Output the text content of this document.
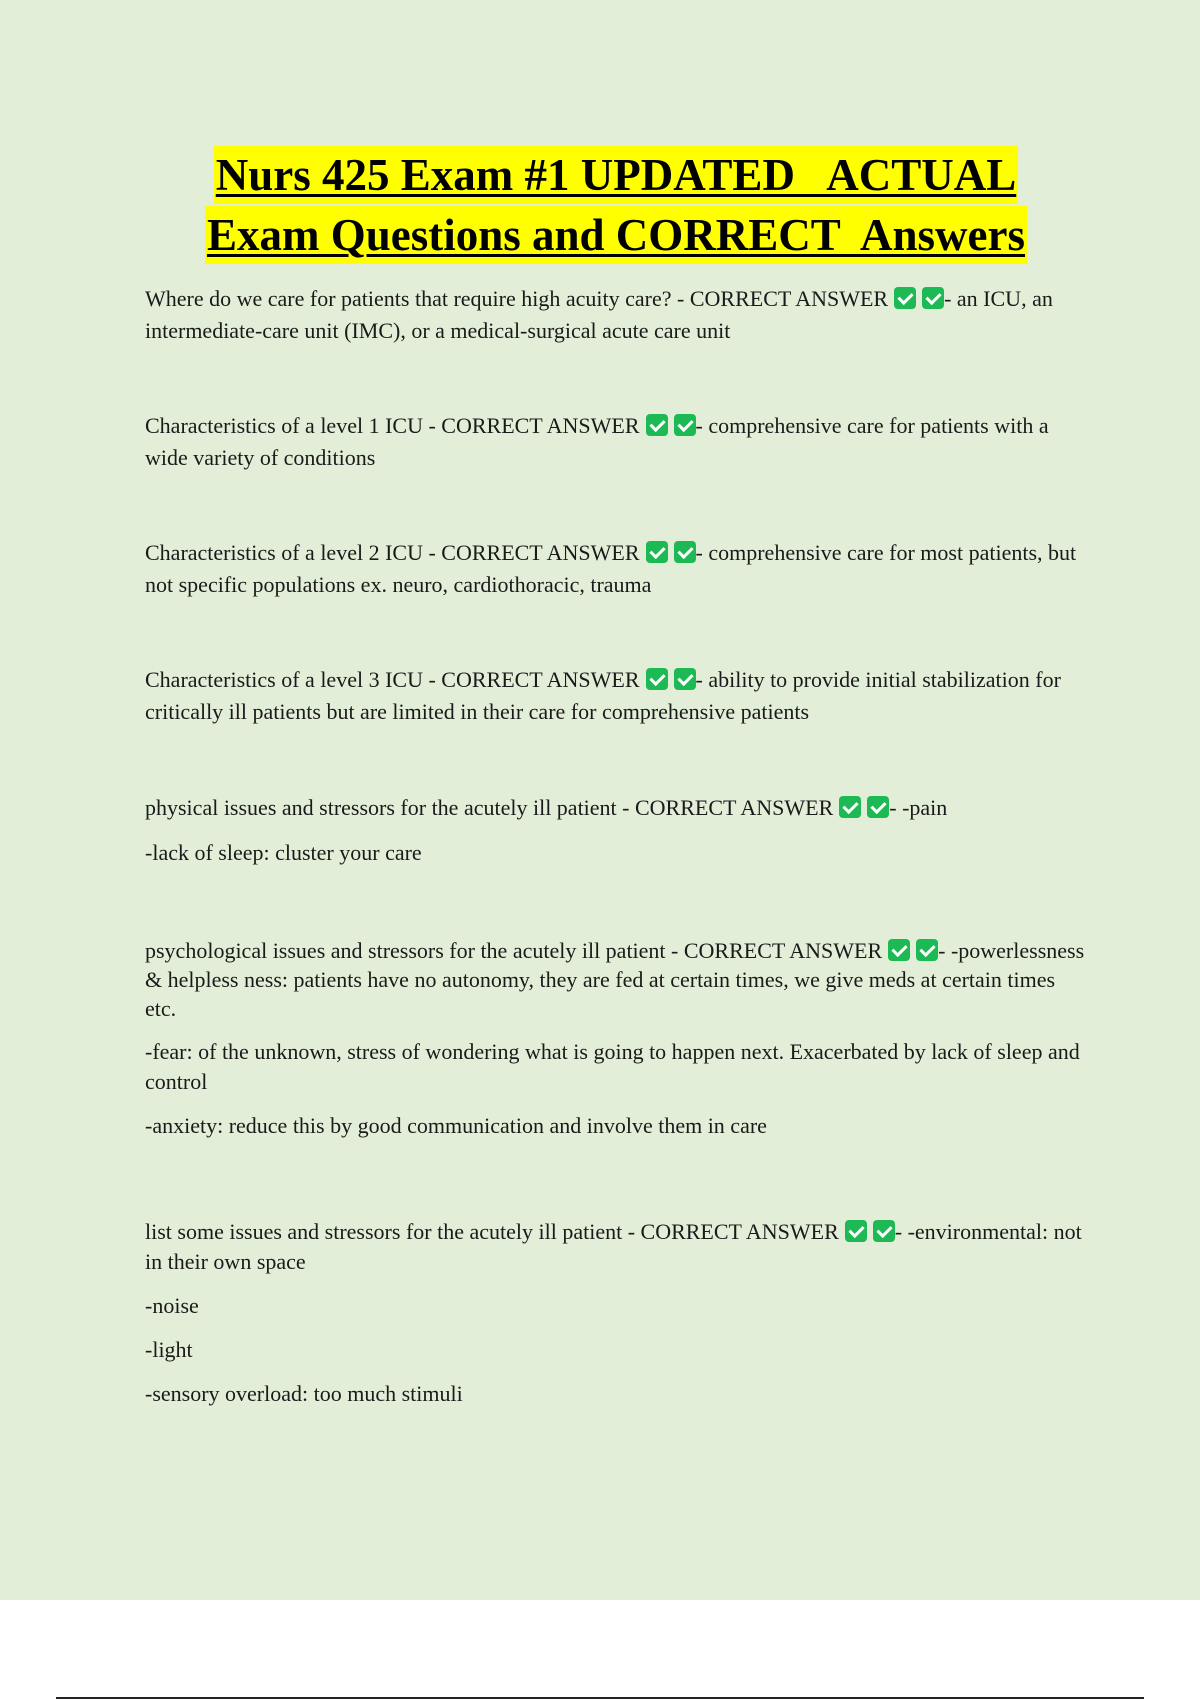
Nurs 425 Exam #1 UPDATED   ACTUAL
Exam Questions and CORRECT  Answers

Where do we care for patients that require high acuity care? - CORRECT ANSWER	- an ICU, an intermediate-care unit (IMC), or a medical-surgical acute care unit

Characteristics of a level 1 ICU - CORRECT ANSWER	- comprehensive care for patients with a wide variety of conditions

Characteristics of a level 2 ICU - CORRECT ANSWER	- comprehensive care for most patients, but not specific populations ex. neuro, cardiothoracic, trauma

Characteristics of a level 3 ICU - CORRECT ANSWER	- ability to provide initial stabilization for critically ill patients but are limited in their care for comprehensive patients

physical issues and stressors for the acutely ill patient - CORRECT ANSWER	- -pain

-lack of sleep: cluster your care

psychological issues and stressors for the acutely ill patient - CORRECT ANSWER	- -powerlessness & helpless ness: patients have no autonomy, they are fed at certain times, we give meds at certain times etc.

-fear: of the unknown, stress of wondering what is going to happen next. Exacerbated by lack of sleep and control

-anxiety: reduce this by good communication and involve them in care

list some issues and stressors for the acutely ill patient - CORRECT ANSWER	- -environmental: not in their own space

-noise

-light

-sensory overload: too much stimuli
